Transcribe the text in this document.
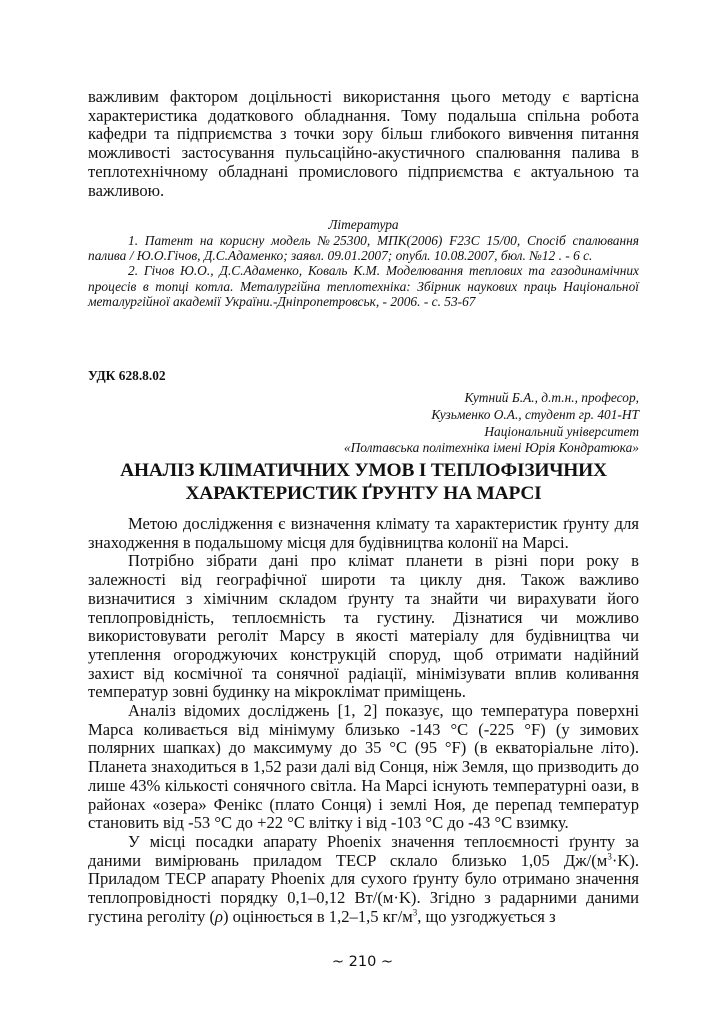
важливим фактором доцільності використання цього методу є вартісна характеристика додаткового обладнання. Тому подальша спільна робота кафедри та підприємства з точки зору більш глибокого вивчення питання можливості застосування пульсаційно-акустичного спалювання палива в теплотехнічному обладнані промислового підприємства є актуальною та важливою.

Література

1. Патент на корисну модель №25300, МПК(2006) F23C 15/00, Спосіб спалювання палива / Ю.О.Гічов, Д.С.Адаменко; заявл. 09.01.2007; опубл. 10.08.2007, бюл. №12 . - 6 с.

2. Гічов Ю.О., Д.С.Адаменко, Коваль К.М. Моделювання теплових та газодинамічних процесів в топці котла. Металургійна теплотехніка: Збірник наукових праць Національної металургійної академії України.-Дніпропетровськ, - 2006. - с. 53-67

УДК 628.8.02

Кутний Б.А., д.т.н., професор,
Кузьменко О.А., студент гр. 401-НТ
Національний університет
«Полтавська політехніка імені Юрія Кондратюка»
АНАЛІЗ КЛІМАТИЧНИХ УМОВ І ТЕПЛОФІЗИЧНИХ
ХАРАКТЕРИСТИК ҐРУНТУ НА МАРСІ

Метою дослідження є визначення клімату та характеристик ґрунту для знаходження в подальшому місця для будівництва колонії на Марсі.

Потрібно зібрати дані про клімат планети в різні пори року в залежності від географічної широти та циклу дня. Також важливо визначитися з хімічним складом ґрунту та знайти чи вирахувати його теплопровідність, теплоємність та густину. Дізнатися чи можливо використовувати реголіт Марсу в якості матеріалу для будівництва чи утеплення огороджуючих конструкцій споруд, щоб отримати надійний захист від космічної та сонячної радіації, мінімізувати вплив коливання температур зовні будинку на мікроклімат приміщень.

Аналіз відомих досліджень [1, 2] показує, що температура поверхні Марса коливається від мінімуму близько -143 °C (-225 °F) (у зимових полярних шапках) до максимуму до 35 °C (95 °F) (в екваторіальне літо). Планета знаходиться в 1,52 рази далі від Сонця, ніж Земля, що призводить до лише 43% кількості сонячного світла. На Марсі існують температурні оази, в районах «озера» Фенікс (плато Сонця) і землі Ноя, де перепад температур становить від -53 °C до +22 °C влітку і від -103 °C до -43 °C взимку.

У місці посадки апарату Phoenix значення теплоємності ґрунту за даними вимірювань приладом TECP склало близько 1,05 $Дж/(м^3\cdot K)$. Приладом TECP апарату Phoenix для сухого ґрунту було отримано значення теплопровідності порядку 0,1–0,12 Вт/(м·K). Згідно з радарними даними густина реголіту (ρ) оцінюється в 1,2–1,5 $кг/м^3$, що узгоджується з

~ 210 ~
